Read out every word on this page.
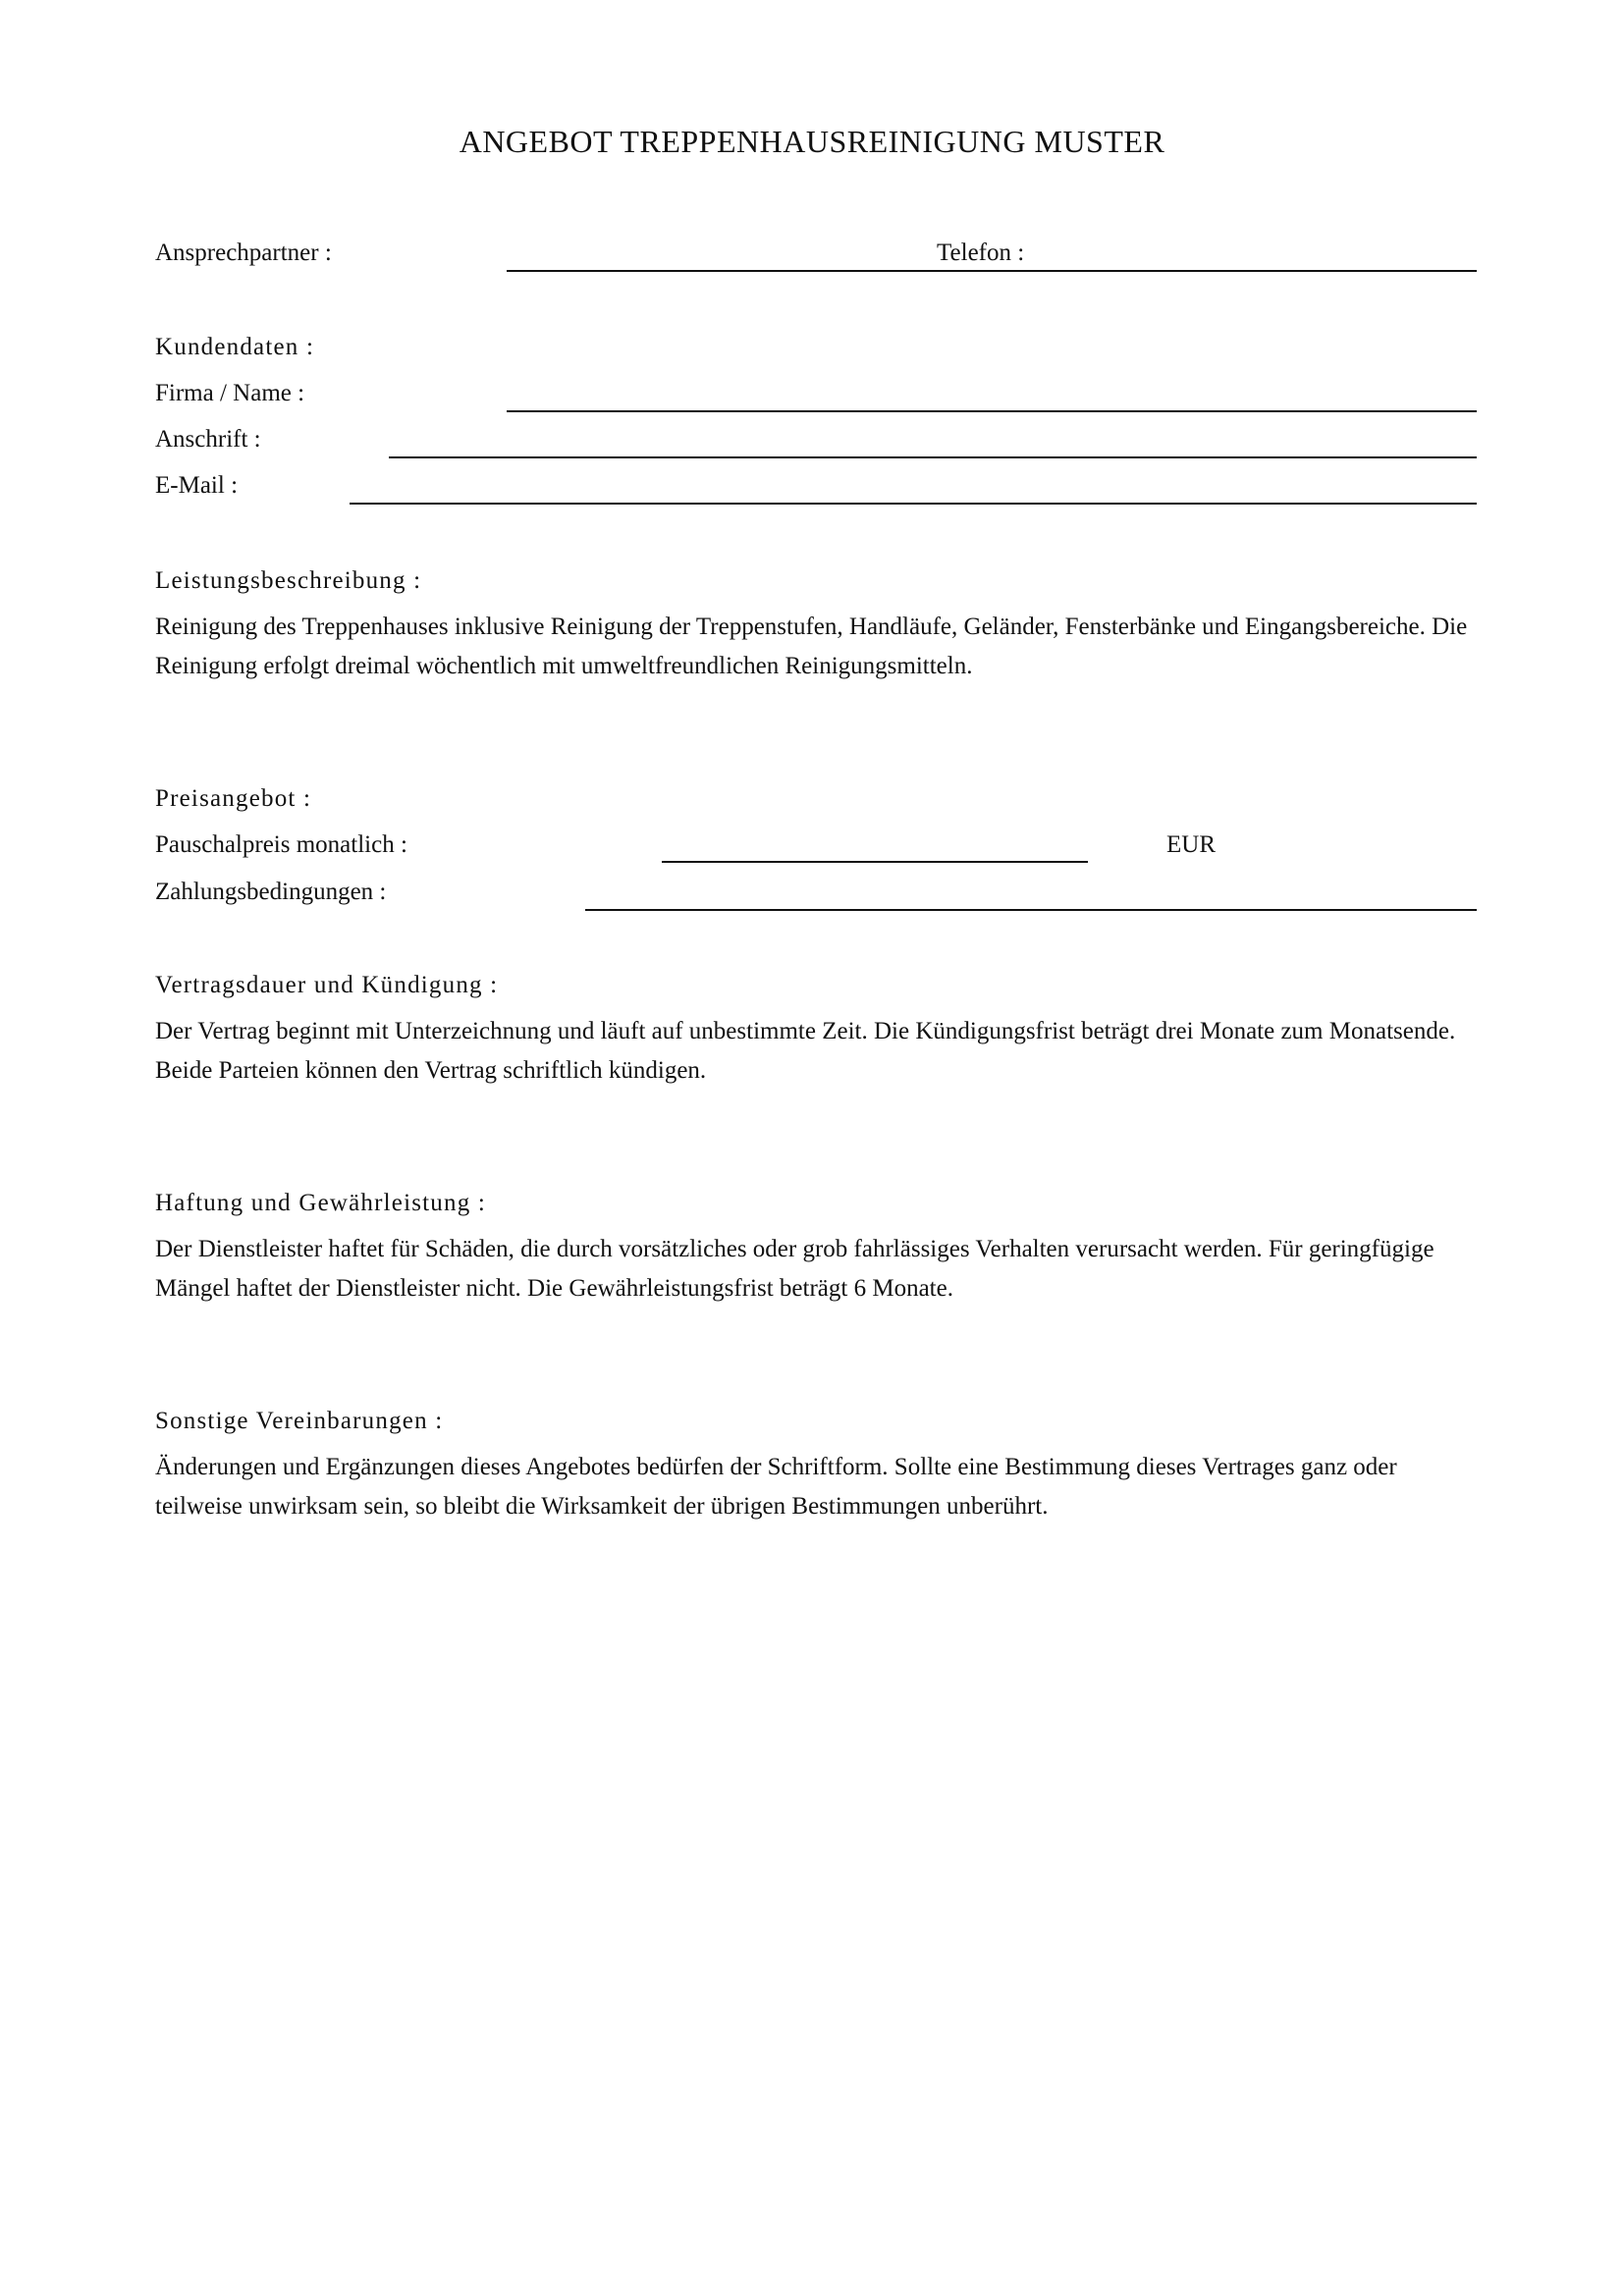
ANGEBOT TREPPENHAUSREINIGUNG MUSTER
Ansprechpartner :	Telefon :
Kundendaten :
Firma / Name :
Anschrift :
E-Mail :
Leistungsbeschreibung :
Reinigung des Treppenhauses inklusive Reinigung der Treppenstufen, Handläufe, Geländer, Fensterbänke und Eingangsbereiche. Die Reinigung erfolgt dreimal wöchentlich mit umweltfreundlichen Reinigungsmitteln.
Preisangebot :
Pauschalpreis monatlich :	EUR
Zahlungsbedingungen :
Vertragsdauer und Kündigung :
Der Vertrag beginnt mit Unterzeichnung und läuft auf unbestimmte Zeit. Die Kündigungsfrist beträgt drei Monate zum Monatsende. Beide Parteien können den Vertrag schriftlich kündigen.
Haftung und Gewährleistung :
Der Dienstleister haftet für Schäden, die durch vorsätzliches oder grob fahrlässiges Verhalten verursacht werden. Für geringfügige Mängel haftet der Dienstleister nicht. Die Gewährleistungsfrist beträgt 6 Monate.
Sonstige Vereinbarungen :
Änderungen und Ergänzungen dieses Angebotes bedürfen der Schriftform. Sollte eine Bestimmung dieses Vertrages ganz oder teilweise unwirksam sein, so bleibt die Wirksamkeit der übrigen Bestimmungen unberührt.
